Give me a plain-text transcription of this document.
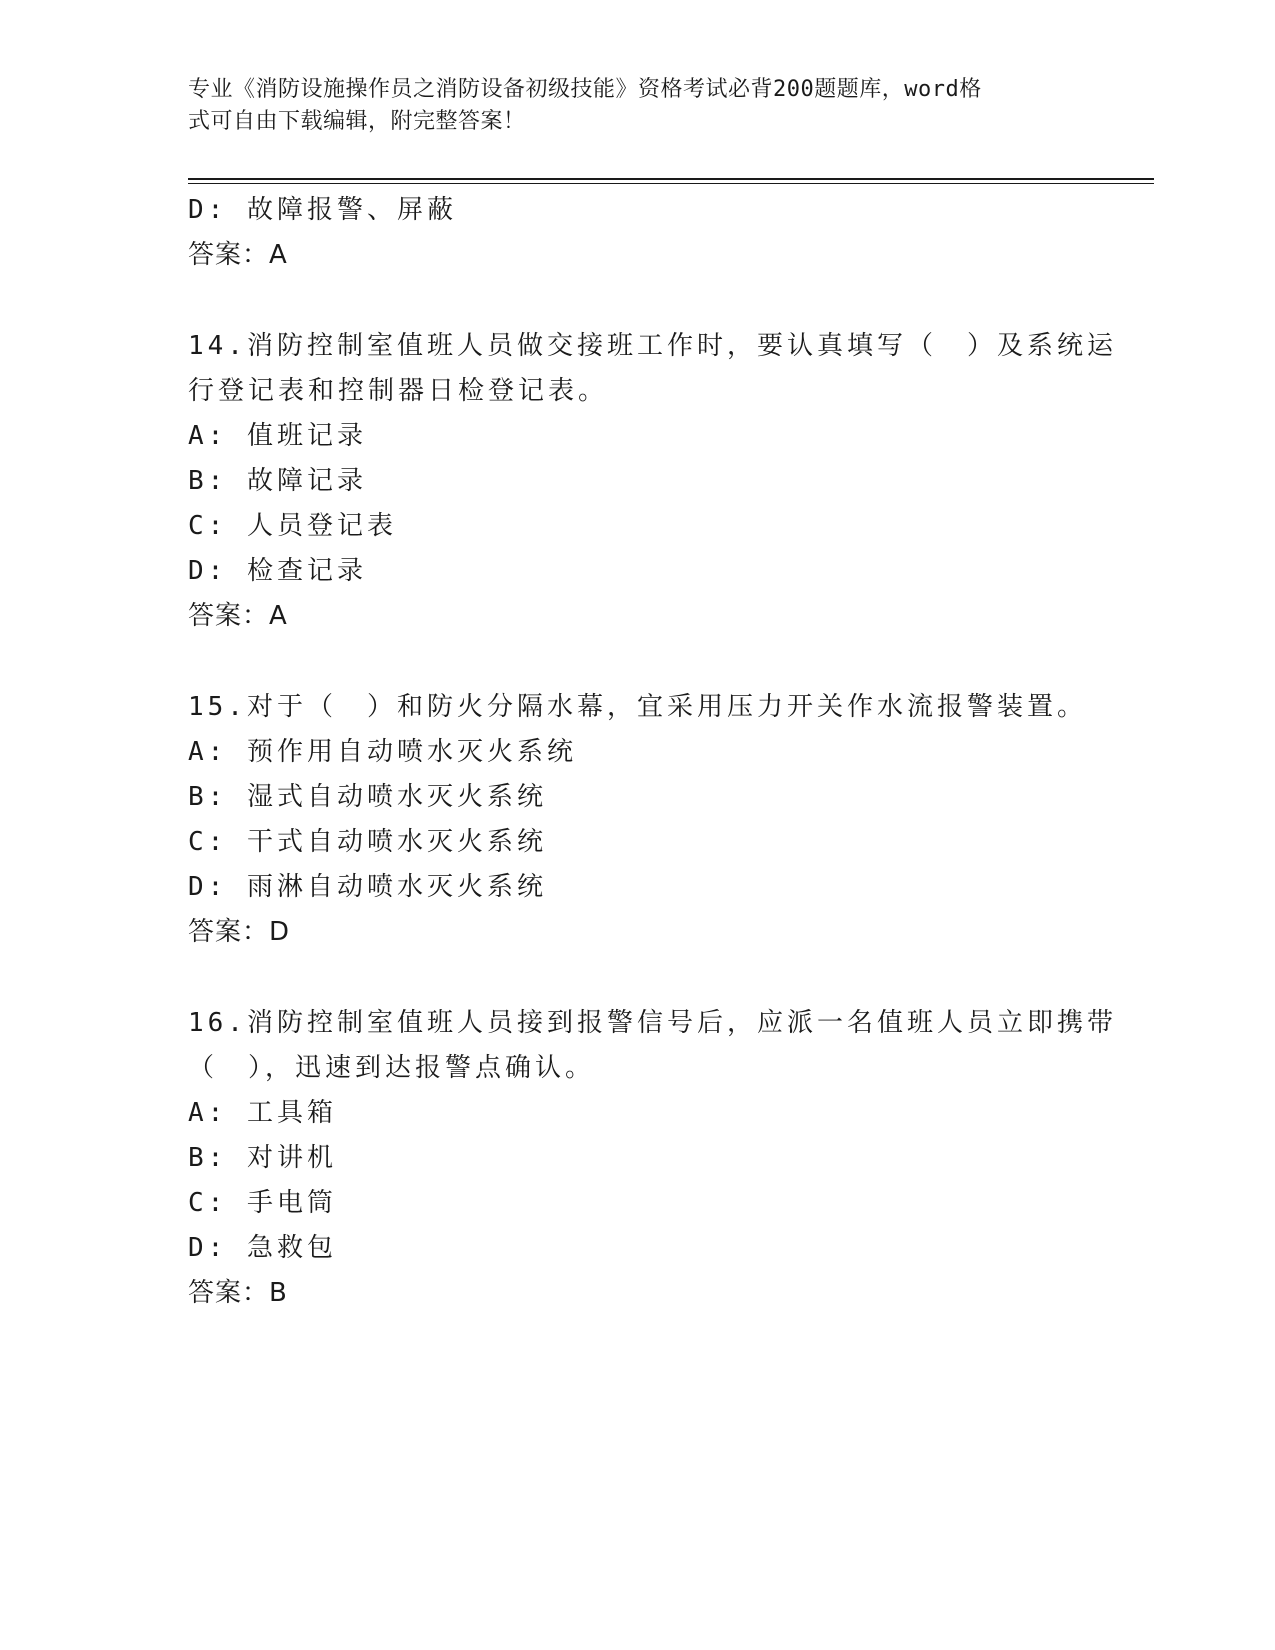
专业《消防设施操作员之消防设备初级技能》资格考试必背200题题库，word格
式可自由下载编辑，附完整答案！
D: 故障报警、屏蔽
答案：A
14.消防控制室值班人员做交接班工作时，要认真填写（　）及系统运
行登记表和控制器日检登记表。
A: 值班记录
B: 故障记录
C: 人员登记表
D: 检查记录
答案：A
15.对于（　）和防火分隔水幕，宜采用压力开关作水流报警装置。
A: 预作用自动喷水灭火系统
B: 湿式自动喷水灭火系统
C: 干式自动喷水灭火系统
D: 雨淋自动喷水灭火系统
答案：D
16.消防控制室值班人员接到报警信号后，应派一名值班人员立即携带
（　），迅速到达报警点确认。
A: 工具箱
B: 对讲机
C: 手电筒
D: 急救包
答案：B
